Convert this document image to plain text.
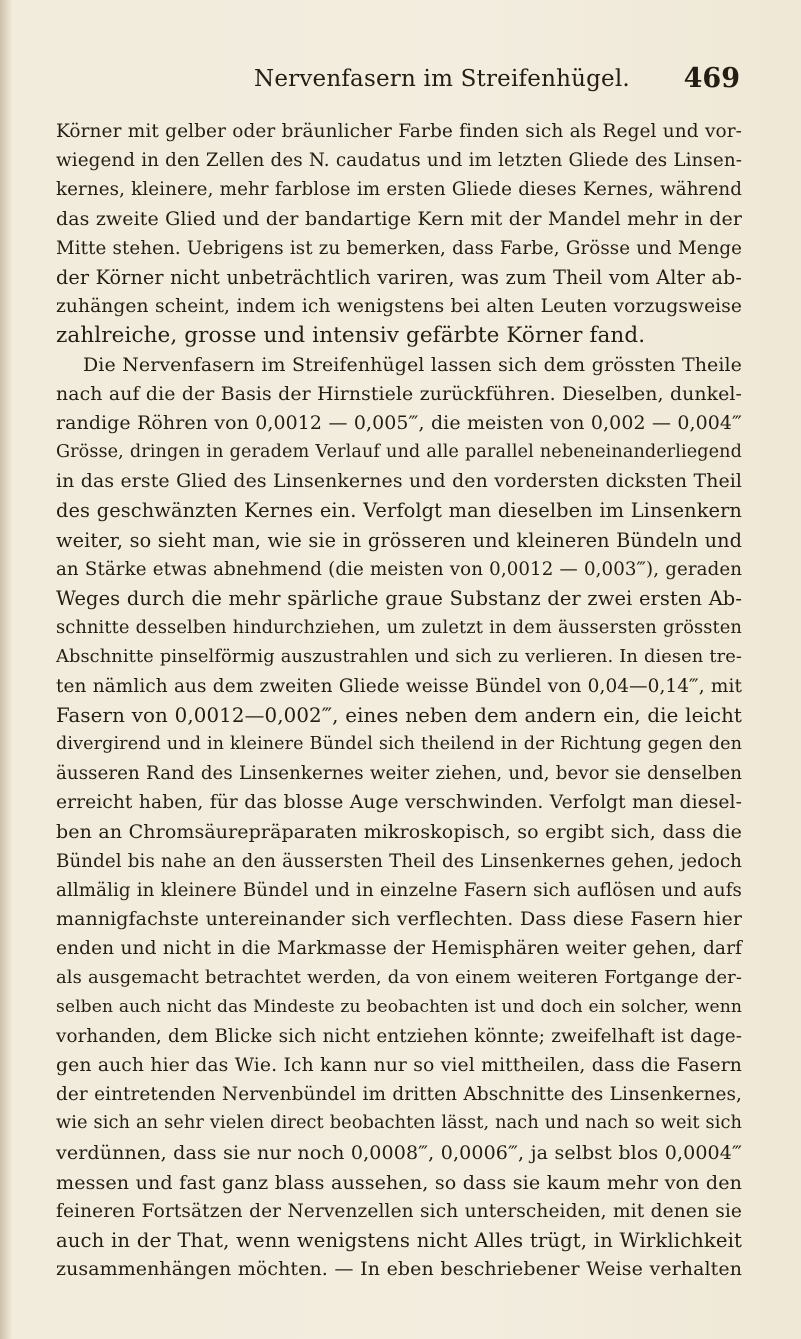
Nervenfasern im Streifenhügel. 469
Körner mit gelber oder bräunlicher Farbe finden sich als Regel und vor-
wiegend in den Zellen des N. caudatus und im letzten Gliede des Linsen-
kernes, kleinere, mehr farblose im ersten Gliede dieses Kernes, während
das zweite Glied und der bandartige Kern mit der Mandel mehr in der
Mitte stehen. Uebrigens ist zu bemerken, dass Farbe, Grösse und Menge
der Körner nicht unbeträchtlich variren, was zum Theil vom Alter ab-
zuhängen scheint, indem ich wenigstens bei alten Leuten vorzugsweise
zahlreiche, grosse und intensiv gefärbte Körner fand.
Die Nervenfasern im Streifenhügel lassen sich dem grössten Theile
nach auf die der Basis der Hirnstiele zurückführen. Dieselben, dunkel-
randige Röhren von 0,0012 — 0,005‴, die meisten von 0,002 — 0,004‴
Grösse, dringen in geradem Verlauf und alle parallel nebeneinanderliegend
in das erste Glied des Linsenkernes und den vordersten dicksten Theil
des geschwänzten Kernes ein. Verfolgt man dieselben im Linsenkern
weiter, so sieht man, wie sie in grösseren und kleineren Bündeln und
an Stärke etwas abnehmend (die meisten von 0,0012 — 0,003‴), geraden
Weges durch die mehr spärliche graue Substanz der zwei ersten Ab-
schnitte desselben hindurchziehen, um zuletzt in dem äussersten grössten
Abschnitte pinselförmig auszustrahlen und sich zu verlieren. In diesen tre-
ten nämlich aus dem zweiten Gliede weisse Bündel von 0,04—0,14‴, mit
Fasern von 0,0012—0,002‴, eines neben dem andern ein, die leicht
divergirend und in kleinere Bündel sich theilend in der Richtung gegen den
äusseren Rand des Linsenkernes weiter ziehen, und, bevor sie denselben
erreicht haben, für das blosse Auge verschwinden. Verfolgt man diesel-
ben an Chromsäurepräparaten mikroskopisch, so ergibt sich, dass die
Bündel bis nahe an den äussersten Theil des Linsenkernes gehen, jedoch
allmälig in kleinere Bündel und in einzelne Fasern sich auflösen und aufs
mannigfachste untereinander sich verflechten. Dass diese Fasern hier
enden und nicht in die Markmasse der Hemisphären weiter gehen, darf
als ausgemacht betrachtet werden, da von einem weiteren Fortgange der-
selben auch nicht das Mindeste zu beobachten ist und doch ein solcher, wenn
vorhanden, dem Blicke sich nicht entziehen könnte; zweifelhaft ist dage-
gen auch hier das Wie. Ich kann nur so viel mittheilen, dass die Fasern
der eintretenden Nervenbündel im dritten Abschnitte des Linsenkernes,
wie sich an sehr vielen direct beobachten lässt, nach und nach so weit sich
verdünnen, dass sie nur noch 0,0008‴, 0,0006‴, ja selbst blos 0,0004‴
messen und fast ganz blass aussehen, so dass sie kaum mehr von den
feineren Fortsätzen der Nervenzellen sich unterscheiden, mit denen sie
auch in der That, wenn wenigstens nicht Alles trügt, in Wirklichkeit
zusammenhängen möchten. — In eben beschriebener Weise verhalten
